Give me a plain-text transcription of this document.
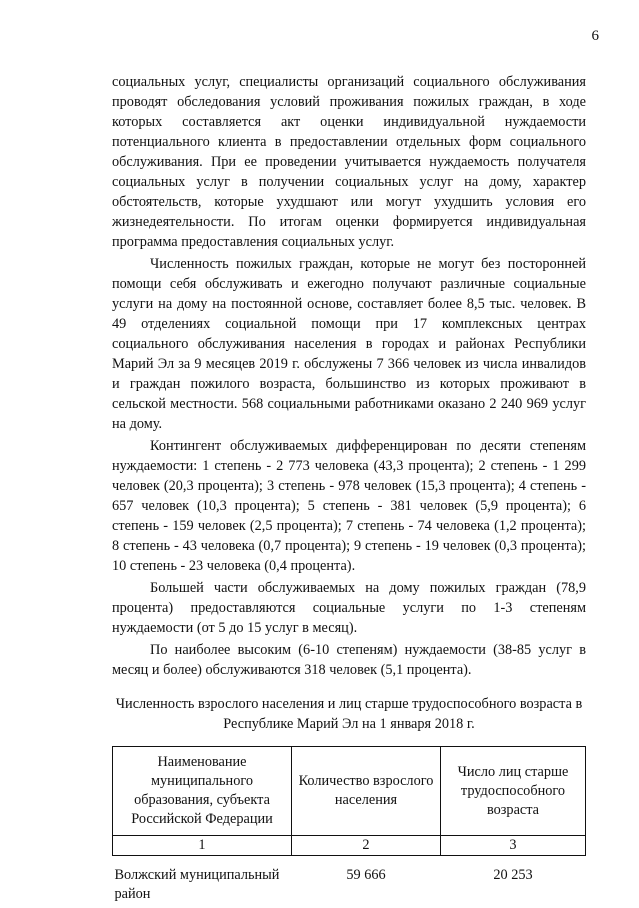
6

социальных услуг, специалисты организаций социального обслуживания проводят обследования условий проживания пожилых граждан, в ходе которых составляется акт оценки индивидуальной нуждаемости потенциального клиента в предоставлении отдельных форм социального обслуживания. При ее проведении учитывается нуждаемость получателя социальных услуг в получении социальных услуг на дому, характер обстоятельств, которые ухудшают или могут ухудшить условия его жизнедеятельности. По итогам оценки формируется индивидуальная программа предоставления социальных услуг.

Численность пожилых граждан, которые не могут без посторонней помощи себя обслуживать и ежегодно получают различные социальные услуги на дому на постоянной основе, составляет более 8,5 тыс. человек. В 49 отделениях социальной помощи при 17 комплексных центрах социального обслуживания населения в городах и районах Республики Марий Эл за 9 месяцев 2019 г. обслужены 7 366 человек из числа инвалидов и граждан пожилого возраста, большинство из которых проживают в сельской местности. 568 социальными работниками оказано 2 240 969 услуг на дому.

Контингент обслуживаемых дифференцирован по десяти степеням нуждаемости: 1 степень - 2 773 человека (43,3 процента); 2 степень - 1 299 человек (20,3 процента); 3 степень - 978 человек (15,3 процента); 4 степень - 657 человек (10,3 процента); 5 степень - 381 человек (5,9 процента); 6 степень - 159 человек (2,5 процента); 7 степень - 74 человека (1,2 процента); 8 степень - 43 человека (0,7 процента); 9 степень - 19 человек (0,3 процента); 10 степень - 23 человека (0,4 процента).

Большей части обслуживаемых на дому пожилых граждан (78,9 процента) предоставляются социальные услуги по 1-3 степеням нуждаемости (от 5 до 15 услуг в месяц).

По наиболее высоким (6-10 степеням) нуждаемости (38-85 услуг в месяц и более) обслуживаются 318 человек (5,1 процента).

Численность взрослого населения и лиц старше трудоспособного возраста в Республике Марий Эл на 1 января 2018 г.

Наименование муниципального образования, субъекта Российской Федерации	Количество взрослого населения	Число лиц старше трудоспособного возраста
1	2	3
Волжский муниципальный район	59 666	20 253
